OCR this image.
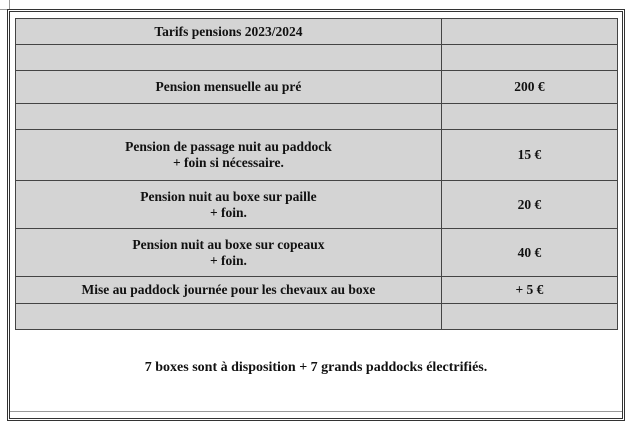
Tarifs pensions 2023/2024	

Pension mensuelle au pré	200 €

Pension de passage nuit au paddock
+ foin si nécessaire.	15 €

Pension nuit au boxe sur paille
+ foin.	20 €

Pension nuit au boxe sur copeaux
+ foin.	40 €

Mise au paddock journée pour les chevaux au boxe	+ 5 €

7 boxes sont à disposition + 7 grands paddocks électrifiés.
